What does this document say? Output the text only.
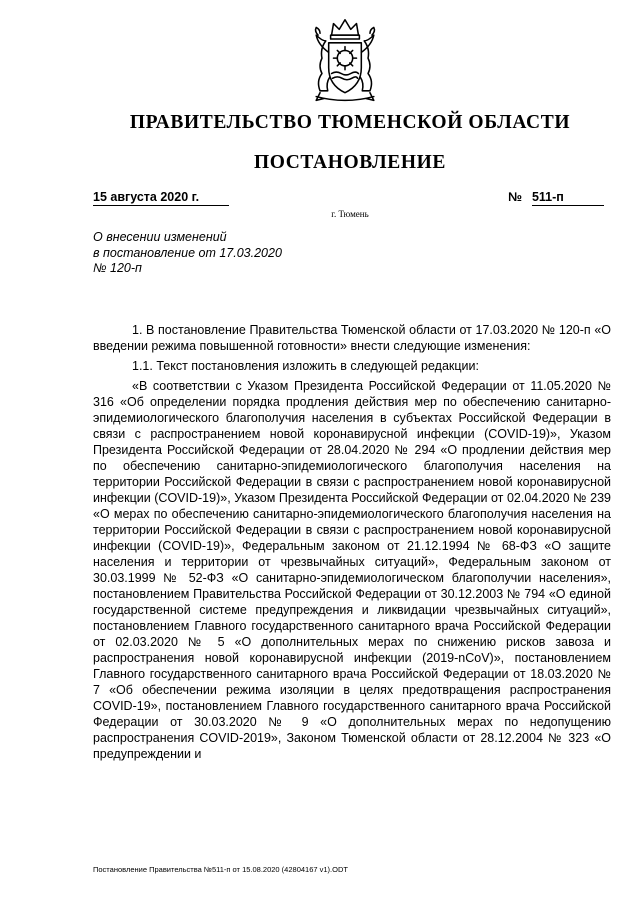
ПРАВИТЕЛЬСТВО ТЮМЕНСКОЙ ОБЛАСТИ
ПОСТАНОВЛЕНИЕ
15 августа 2020 г.	№ 511-п
г. Тюмень
О внесении изменений
в постановление от 17.03.2020
№ 120-п

1. В постановление Правительства Тюменской области от 17.03.2020 № 120-п «О введении режима повышенной готовности» внести следующие изменения:

1.1. Текст постановления изложить в следующей редакции:

«В соответствии с Указом Президента Российской Федерации от 11.05.2020 № 316 «Об определении порядка продления действия мер по обеспечению санитарно-эпидемиологического благополучия населения в субъектах Российской Федерации в связи с распространением новой коронавирусной инфекции (COVID-19)», Указом Президента Российской Федерации от 28.04.2020 № 294 «О продлении действия мер по обеспечению санитарно-эпидемиологического благополучия населения на территории Российской Федерации в связи с распространением новой коронавирусной инфекции (COVID-19)», Указом Президента Российской Федерации от 02.04.2020 № 239 «О мерах по обеспечению санитарно-эпидемиологического благополучия населения на территории Российской Федерации в связи с распространением новой коронавирусной инфекции (COVID-19)», Федеральным законом от 21.12.1994 № 68-ФЗ «О защите населения и территории от чрезвычайных ситуаций», Федеральным законом от 30.03.1999 № 52-ФЗ «О санитарно-эпидемиологическом благополучии населения», постановлением Правительства Российской Федерации от 30.12.2003 № 794 «О единой государственной системе предупреждения и ликвидации чрезвычайных ситуаций», постановлением Главного государственного санитарного врача Российской Федерации от 02.03.2020 № 5 «О дополнительных мерах по снижению рисков завоза и распространения новой коронавирусной инфекции (2019-nCoV)», постановлением Главного государственного санитарного врача Российской Федерации от 18.03.2020 № 7 «Об обеспечении режима изоляции в целях предотвращения распространения COVID-19», постановлением Главного государственного санитарного врача Российской Федерации от 30.03.2020 № 9 «О дополнительных мерах по недопущению распространения COVID-2019», Законом Тюменской области от 28.12.2004 № 323 «О предупреждении и

Постановление Правительства №511-п от 15.08.2020 (42804167 v1).ODT
